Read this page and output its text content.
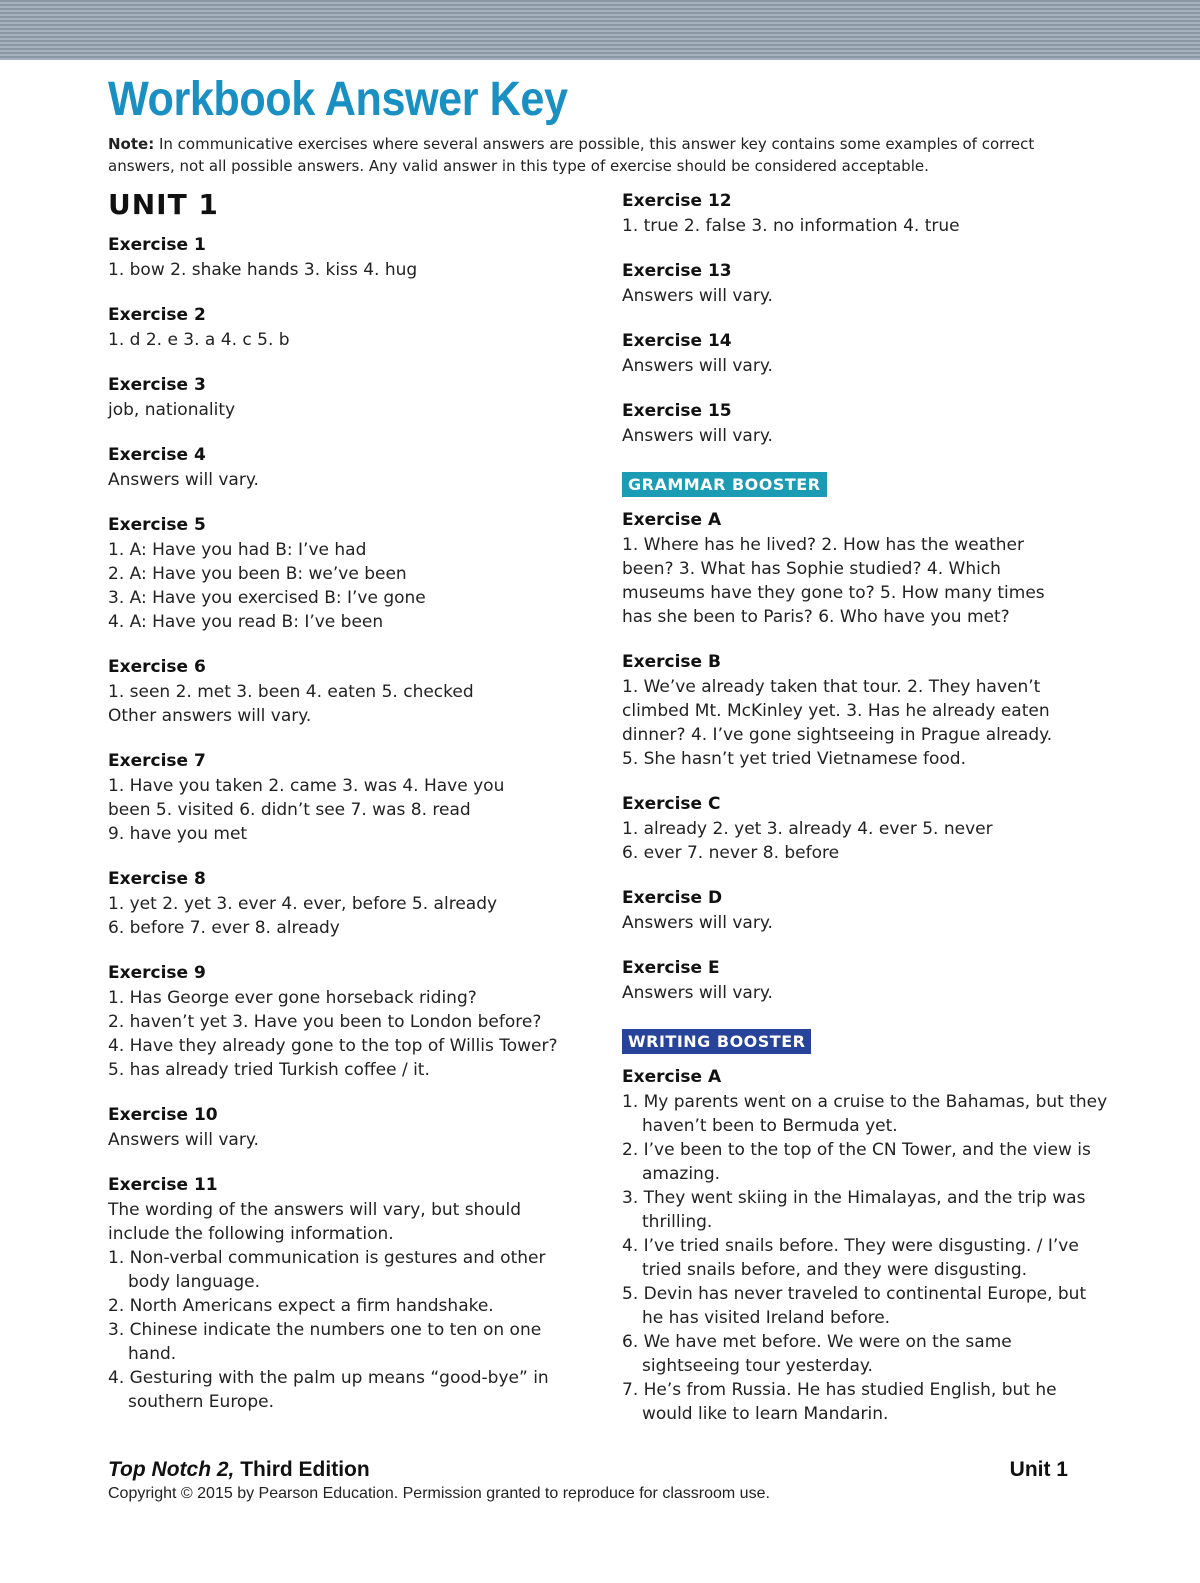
Workbook Answer Key

Note: In communicative exercises where several answers are possible, this answer key contains some examples of correct answers, not all possible answers. Any valid answer in this type of exercise should be considered acceptable.

UNIT 1
Exercise 1
1. bow 2. shake hands 3. kiss 4. hug
Exercise 2
1. d 2. e 3. a 4. c 5. b
Exercise 3
job, nationality
Exercise 4
Answers will vary.
Exercise 5
1. A: Have you had B: I’ve had
2. A: Have you been B: we’ve been
3. A: Have you exercised B: I’ve gone
4. A: Have you read B: I’ve been
Exercise 6
1. seen 2. met 3. been 4. eaten 5. checked
Other answers will vary.
Exercise 7
1. Have you taken 2. came 3. was 4. Have you
been 5. visited 6. didn’t see 7. was 8. read
9. have you met
Exercise 8
1. yet 2. yet 3. ever 4. ever, before 5. already
6. before 7. ever 8. already
Exercise 9
1. Has George ever gone horseback riding?
2. haven’t yet 3. Have you been to London before?
4. Have they already gone to the top of Willis Tower?
5. has already tried Turkish coffee / it.
Exercise 10
Answers will vary.
Exercise 11
The wording of the answers will vary, but should
include the following information.
1. Non-verbal communication is gestures and other body language.
2. North Americans expect a firm handshake.
3. Chinese indicate the numbers one to ten on one hand.
4. Gesturing with the palm up means “good-bye” in southern Europe.
Exercise 12
1. true 2. false 3. no information 4. true
Exercise 13
Answers will vary.
Exercise 14
Answers will vary.
Exercise 15
Answers will vary.
GRAMMAR BOOSTER
Exercise A
1. Where has he lived? 2. How has the weather
been? 3. What has Sophie studied? 4. Which
museums have they gone to? 5. How many times
has she been to Paris? 6. Who have you met?
Exercise B
1. We’ve already taken that tour. 2. They haven’t
climbed Mt. McKinley yet. 3. Has he already eaten
dinner? 4. I’ve gone sightseeing in Prague already.
5. She hasn’t yet tried Vietnamese food.
Exercise C
1. already 2. yet 3. already 4. ever 5. never
6. ever 7. never 8. before
Exercise D
Answers will vary.
Exercise E
Answers will vary.
WRITING BOOSTER
Exercise A
1. My parents went on a cruise to the Bahamas, but they haven’t been to Bermuda yet.
2. I’ve been to the top of the CN Tower, and the view is amazing.
3. They went skiing in the Himalayas, and the trip was thrilling.
4. I’ve tried snails before. They were disgusting. / I’ve tried snails before, and they were disgusting.
5. Devin has never traveled to continental Europe, but he has visited Ireland before.
6. We have met before. We were on the same sightseeing tour yesterday.
7. He’s from Russia. He has studied English, but he would like to learn Mandarin.
Top Notch 2, Third Edition	Unit 1
Copyright © 2015 by Pearson Education. Permission granted to reproduce for classroom use.
